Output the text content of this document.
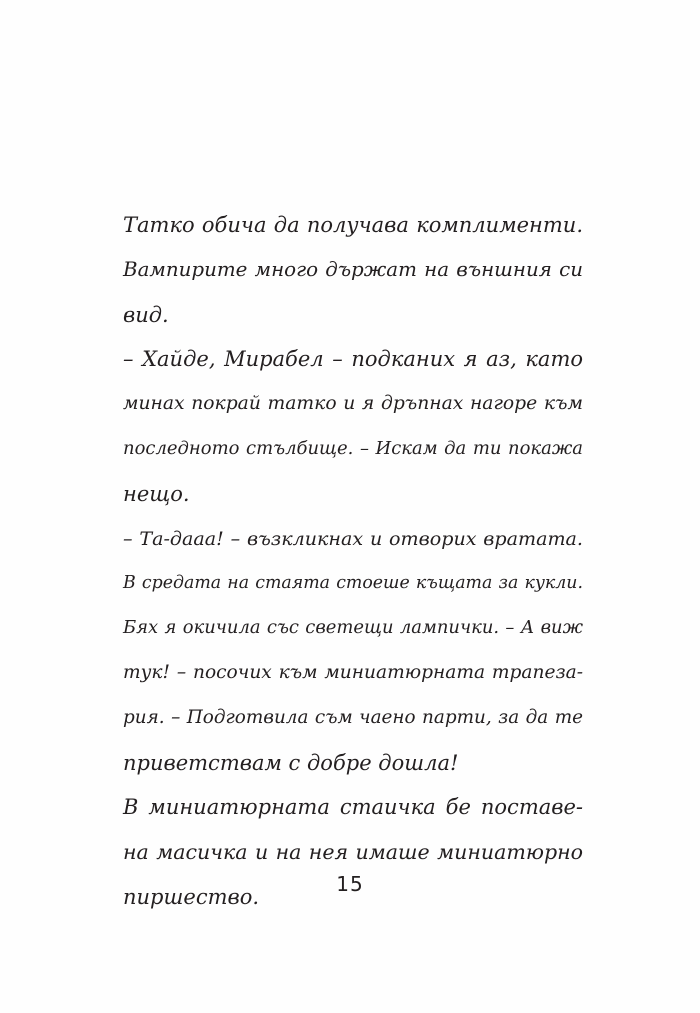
Татко обича да получава комплименти.
Вампирите много държат на външния си
вид.
– Хайде, Мирабел – подканих я аз, като
минах покрай татко и я дръпнах нагоре към
последното стълбище. – Искам да ти покажа
нещо.
– Та-дааа! – възкликнах и отворих вратата.
В средата на стаята стоеше къщата за кукли.
Бях я окичила със светещи лампички. – А виж
тук! – посочих към миниатюрната трапеза-
рия. – Подготвила съм чаено парти, за да те
приветствам с добре дошла!
В миниатюрната стаичка бе поставе-
на масичка и на нея имаше миниатюрно
пиршество.
15
